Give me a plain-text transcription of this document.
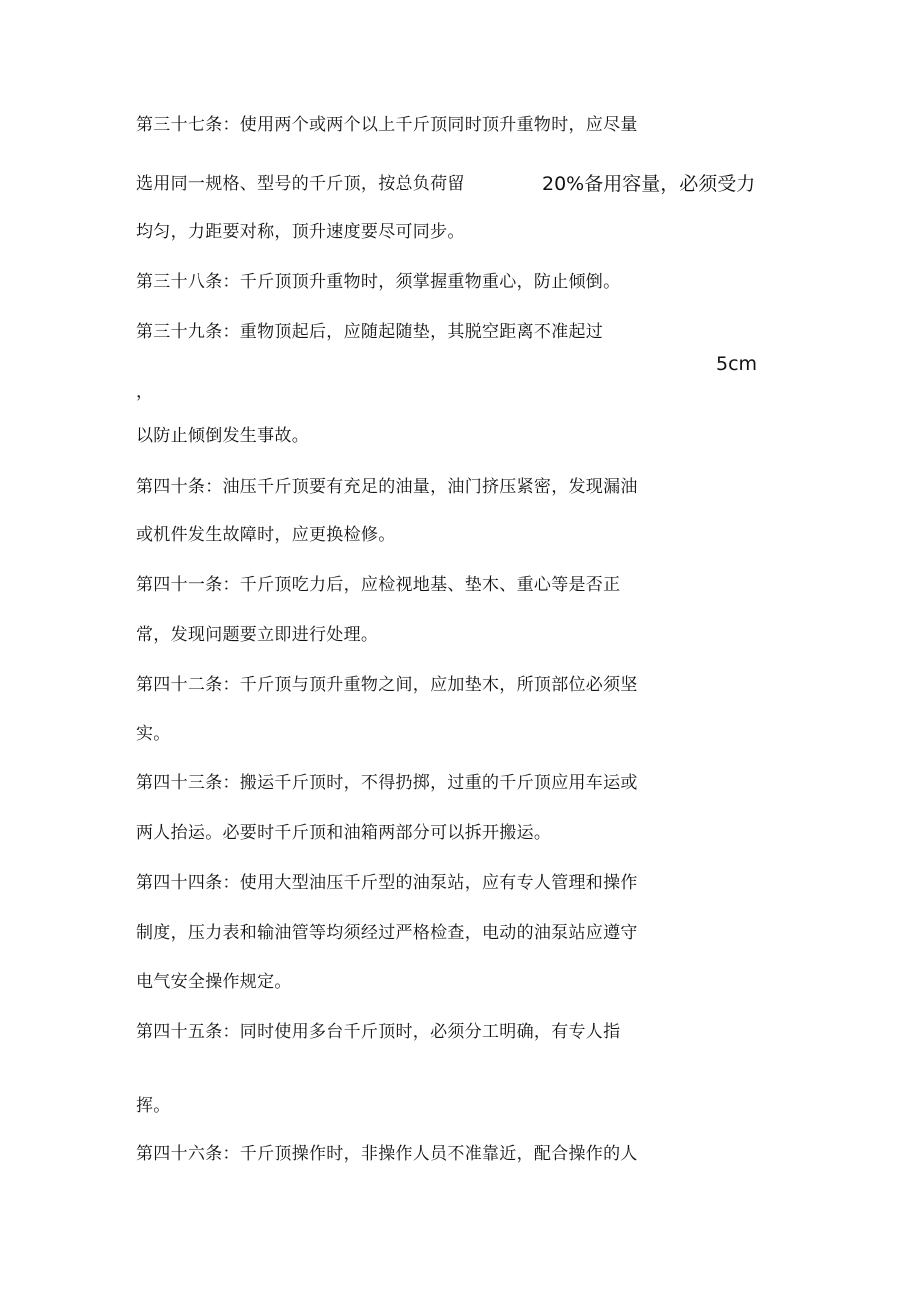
第三十七条：使用两个或两个以上千斤顶同时顶升重物时，应尽量
选用同一规格、型号的千斤顶，按总负荷留	20%备用容量，必须受力
均匀，力距要对称，顶升速度要尽可同步。
第三十八条：千斤顶顶升重物时，须掌握重物重心，防止倾倒。
第三十九条：重物顶起后，应随起随垫，其脱空距离不准起过
5cm
，
以防止倾倒发生事故。
第四十条：油压千斤顶要有充足的油量，油门挤压紧密，发现漏油
或机件发生故障时，应更换检修。
第四十一条：千斤顶吃力后，应检视地基、垫木、重心等是否正
常，发现问题要立即进行处理。
第四十二条：千斤顶与顶升重物之间，应加垫木，所顶部位必须坚
实。
第四十三条：搬运千斤顶时，不得扔掷，过重的千斤顶应用车运或
两人抬运。必要时千斤顶和油箱两部分可以拆开搬运。
第四十四条：使用大型油压千斤型的油泵站，应有专人管理和操作
制度，压力表和输油管等均须经过严格检查，电动的油泵站应遵守
电气安全操作规定。
第四十五条：同时使用多台千斤顶时，必须分工明确，有专人指
挥。
第四十六条：千斤顶操作时，非操作人员不准靠近，配合操作的人
